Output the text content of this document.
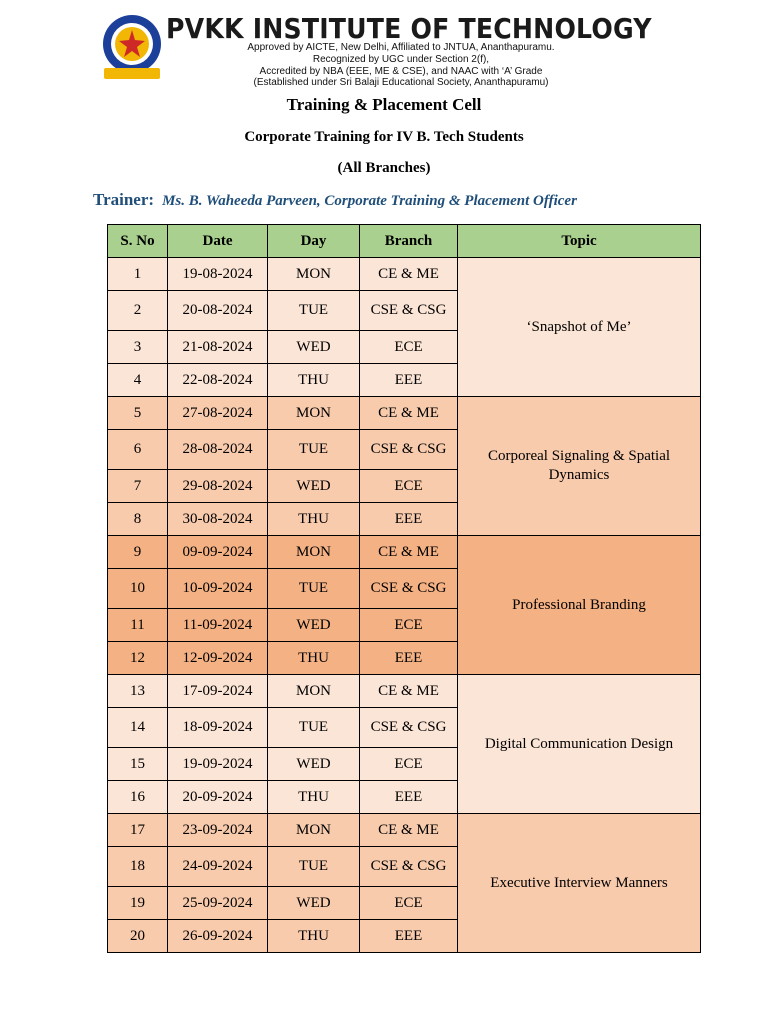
PVKK INSTITUTE OF TECHNOLOGY
Approved by AICTE, New Delhi, Affiliated to JNTUA, Ananthapuramu.
Recognized by UGC under Section 2(f),
Accredited by NBA (EEE, ME & CSE), and NAAC with ‘A’ Grade
(Established under Sri Balaji Educational Society, Ananthapuramu)
Training & Placement Cell
Corporate Training for IV B. Tech Students
(All Branches)
Trainer: Ms. B. Waheeda Parveen, Corporate Training & Placement Officer
S. No	Date	Day	Branch	Topic
1	19-08-2024	MON	CE & ME	‘Snapshot of Me’
2	20-08-2024	TUE	CSE & CSG	
3	21-08-2024	WED	ECE	
4	22-08-2024	THU	EEE	
5	27-08-2024	MON	CE & ME	Corporeal Signaling & Spatial Dynamics
6	28-08-2024	TUE	CSE & CSG	
7	29-08-2024	WED	ECE	
8	30-08-2024	THU	EEE	
9	09-09-2024	MON	CE & ME	Professional Branding
10	10-09-2024	TUE	CSE & CSG	
11	11-09-2024	WED	ECE	
12	12-09-2024	THU	EEE	
13	17-09-2024	MON	CE & ME	Digital Communication Design
14	18-09-2024	TUE	CSE & CSG	
15	19-09-2024	WED	ECE	
16	20-09-2024	THU	EEE	
17	23-09-2024	MON	CE & ME	Executive Interview Manners
18	24-09-2024	TUE	CSE & CSG	
19	25-09-2024	WED	ECE	
20	26-09-2024	THU	EEE	
